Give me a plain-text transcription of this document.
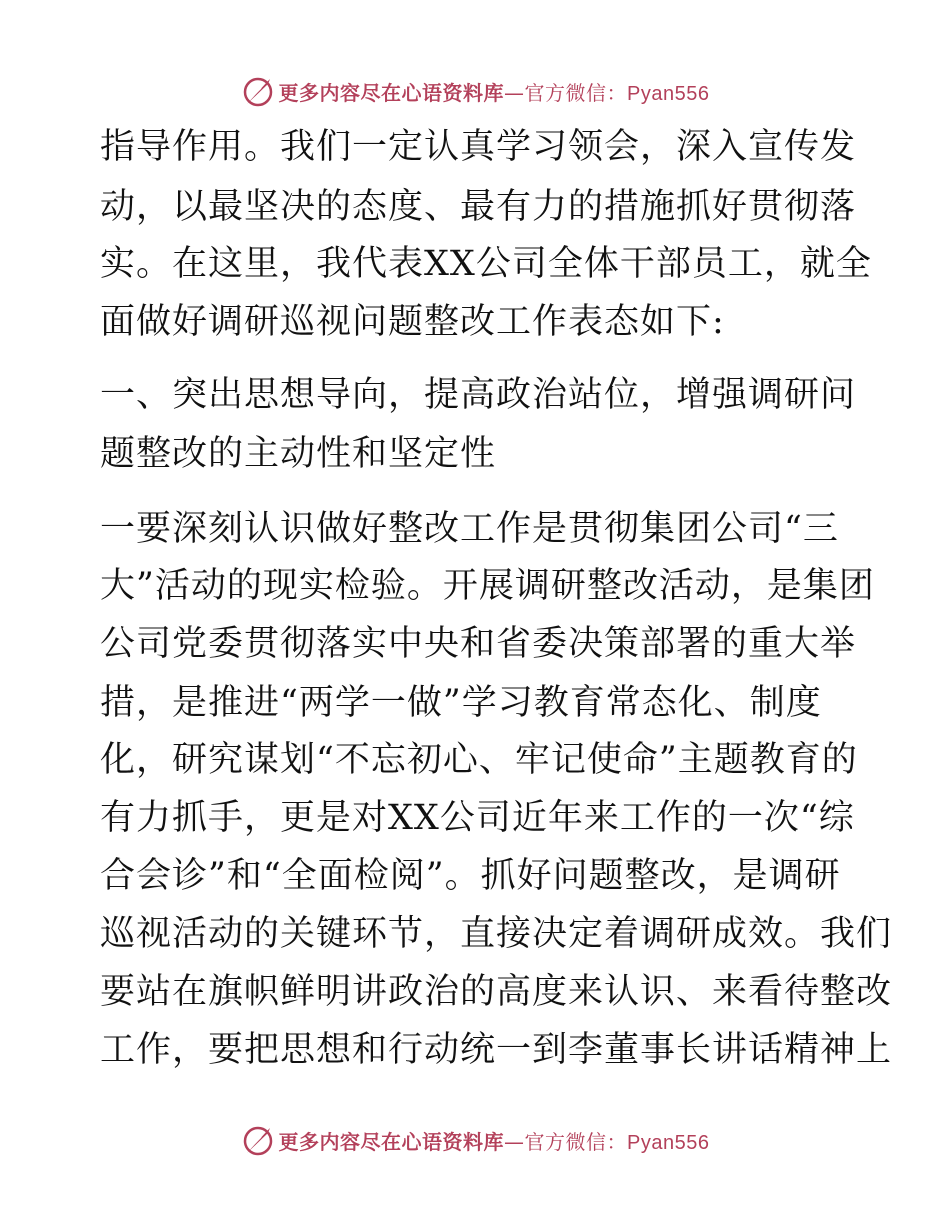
更多内容尽在心语资料库—官方微信：Pyan556

指导作用。我们一定认真学习领会，深入宣传发

动，以最坚决的态度、最有力的措施抓好贯彻落

实。在这里，我代表XX公司全体干部员工，就全

面做好调研巡视问题整改工作表态如下:

一、突出思想导向，提高政治站位，增强调研问

题整改的主动性和坚定性

一要深刻认识做好整改工作是贯彻集团公司“三

大”活动的现实检验。开展调研整改活动，是集团

公司党委贯彻落实中央和省委决策部署的重大举

措，是推进“两学一做”学习教育常态化、制度

化，研究谋划“不忘初心、牢记使命”主题教育的

有力抓手，更是对XX公司近年来工作的一次“综

合会诊”和“全面检阅”。抓好问题整改，是调研

巡视活动的关键环节，直接决定着调研成效。我们

要站在旗帜鲜明讲政治的高度来认识、来看待整改

工作，要把思想和行动统一到李董事长讲话精神上

更多内容尽在心语资料库—官方微信：Pyan556
